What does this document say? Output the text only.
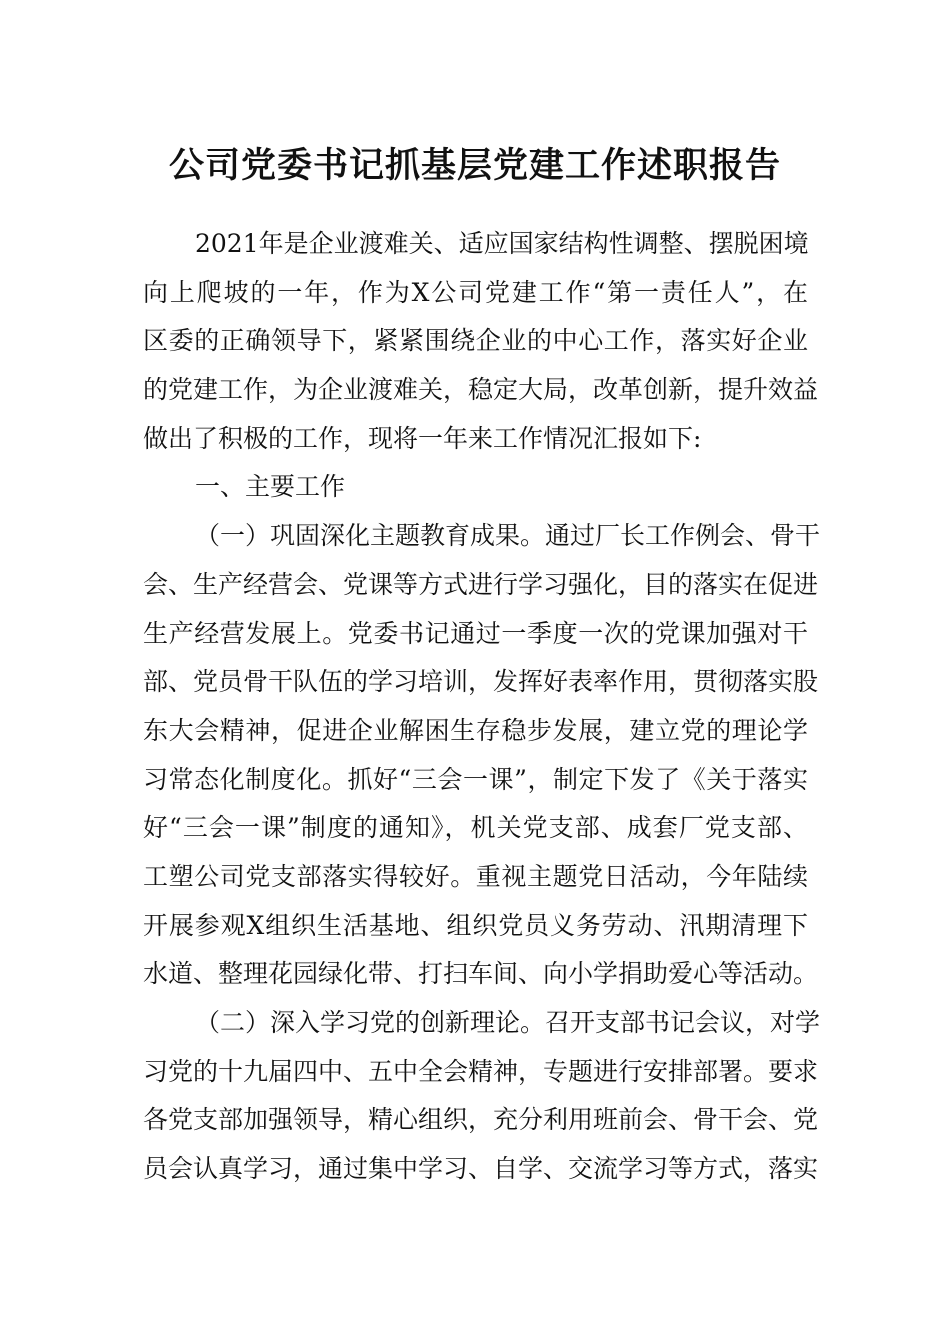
公司党委书记抓基层党建工作述职报告
2021年是企业渡难关、适应国家结构性调整、摆脱困境
向上爬坡的一年，作为X公司党建工作“第一责任人”，在
区委的正确领导下，紧紧围绕企业的中心工作，落实好企业
的党建工作，为企业渡难关，稳定大局，改革创新，提升效益
做出了积极的工作，现将一年来工作情况汇报如下:
一、主要工作
（一）巩固深化主题教育成果。通过厂长工作例会、骨干
会、生产经营会、党课等方式进行学习强化，目的落实在促进
生产经营发展上。党委书记通过一季度一次的党课加强对干
部、党员骨干队伍的学习培训，发挥好表率作用，贯彻落实股
东大会精神，促进企业解困生存稳步发展，建立党的理论学
习常态化制度化。抓好“三会一课”，制定下发了《关于落实
好“三会一课”制度的通知》，机关党支部、成套厂党支部、
工塑公司党支部落实得较好。重视主题党日活动，今年陆续
开展参观X组织生活基地、组织党员义务劳动、汛期清理下
水道、整理花园绿化带、打扫车间、向小学捐助爱心等活动。
（二）深入学习党的创新理论。召开支部书记会议，对学
习党的十九届四中、五中全会精神，专题进行安排部署。要求
各党支部加强领导，精心组织，充分利用班前会、骨干会、党
员会认真学习，通过集中学习、自学、交流学习等方式，落实
